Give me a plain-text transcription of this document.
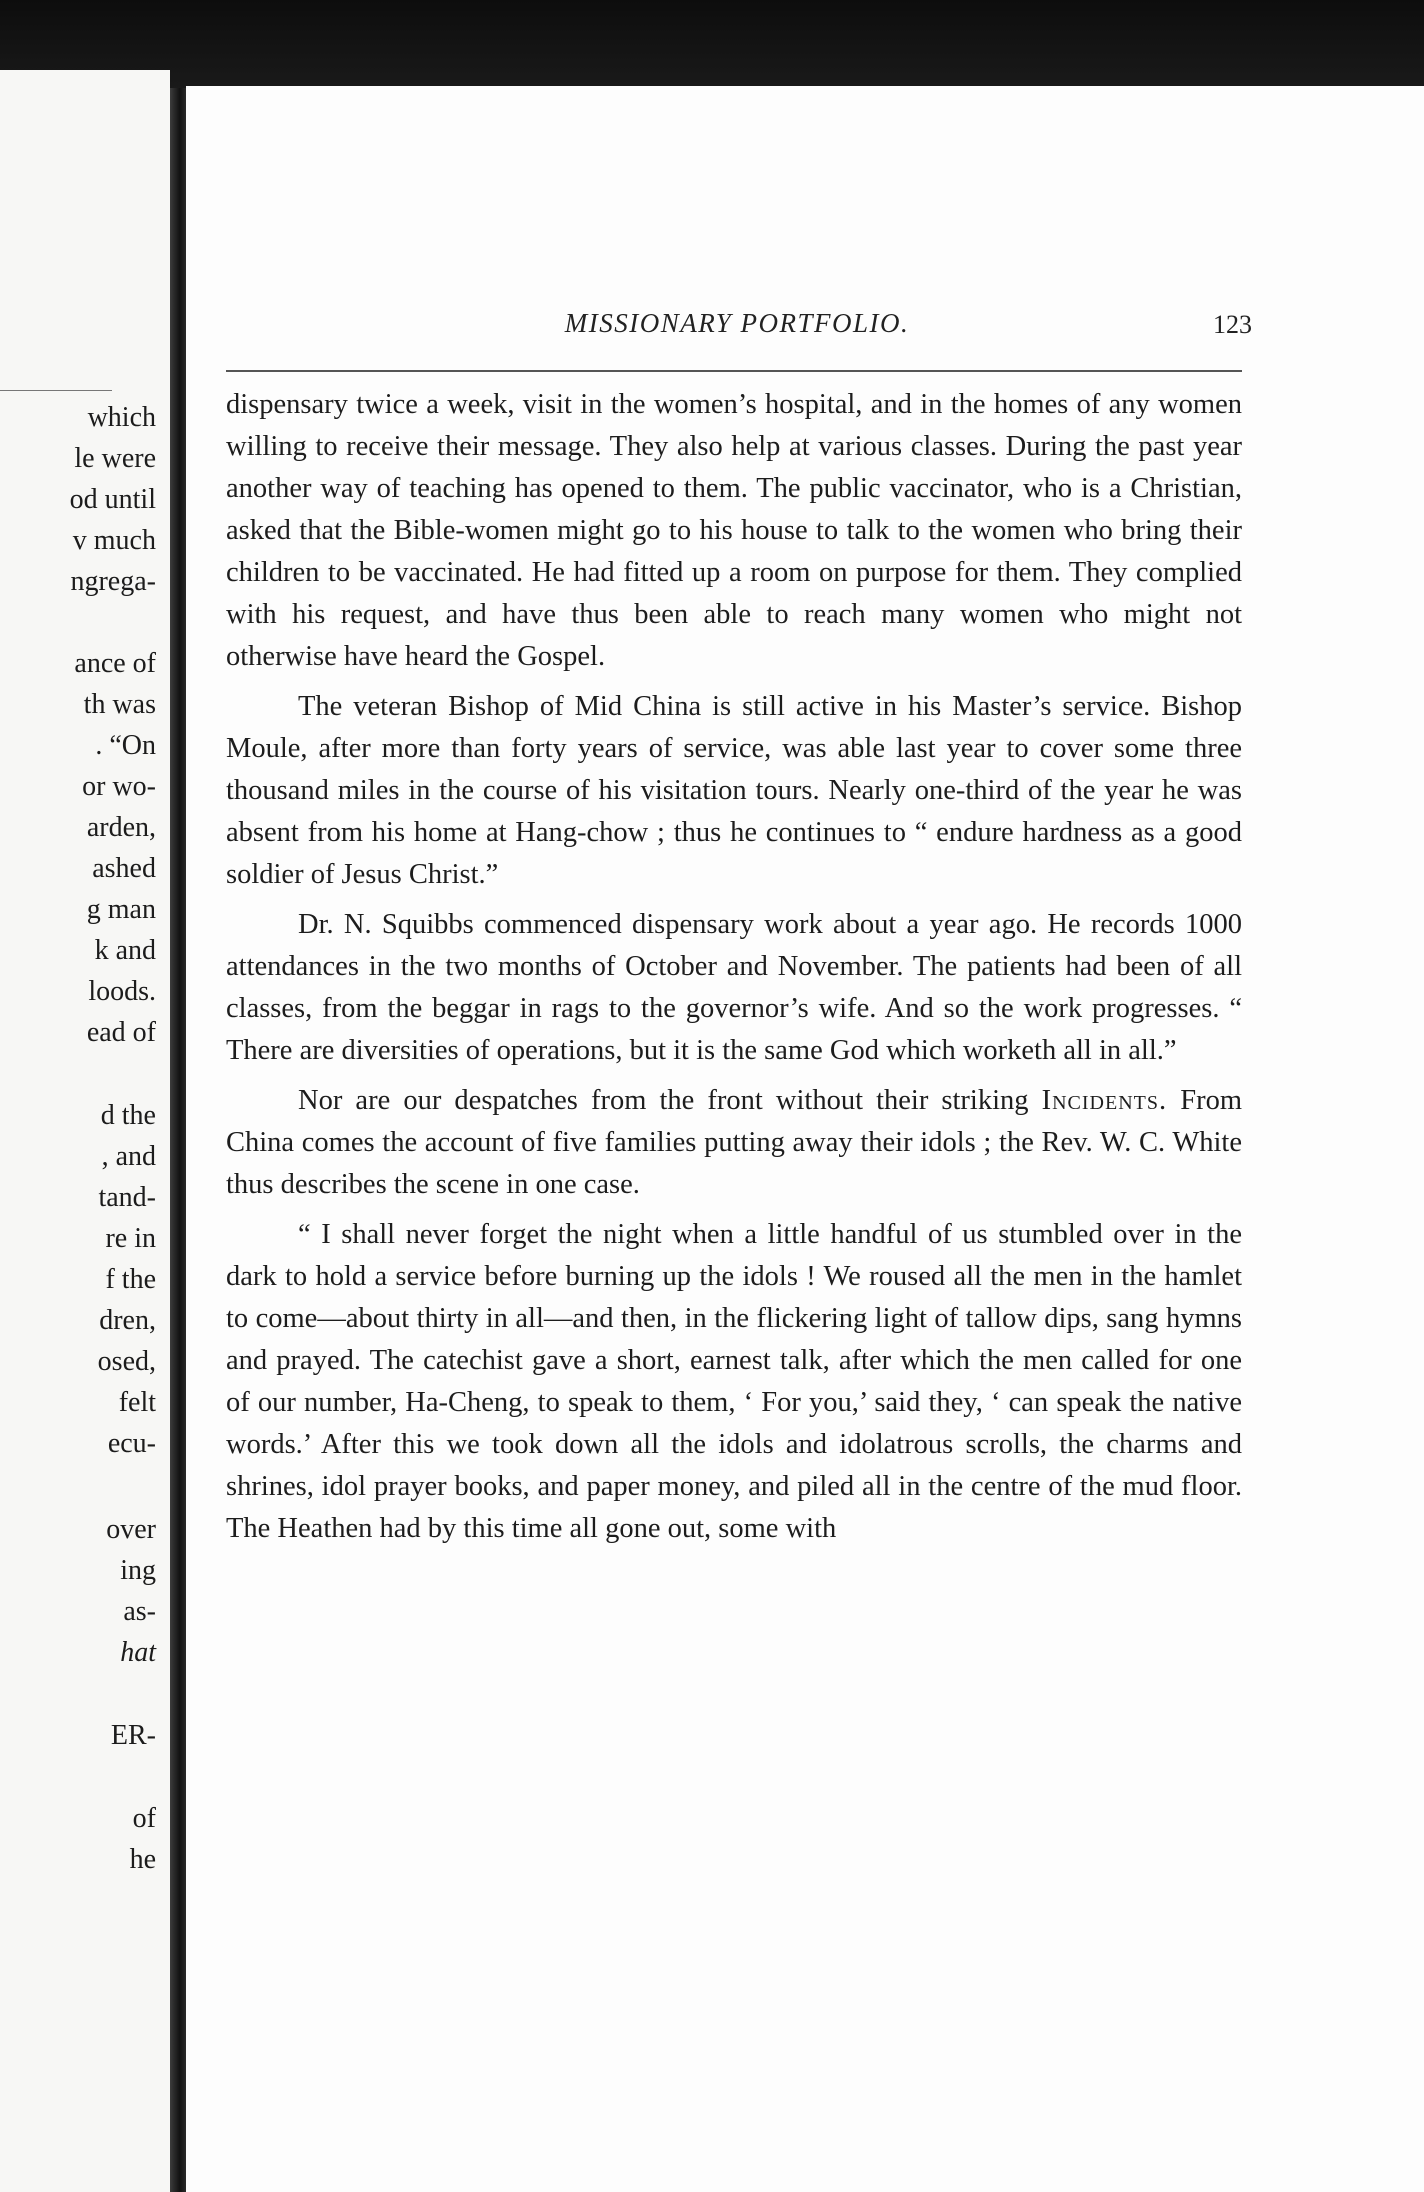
which
le were
od until
v much
ngrega-
ance of
th was
. “On
or wo-
arden,
ashed
g man
k and
loods.
ead of
d the
, and
tand-
re in
f the
dren,
osed,
felt
ecu-
over
ing
as-
hat
ER-
of
he
MISSIONARY PORTFOLIO.	123

dispensary twice a week, visit in the women’s hospital, and in the homes of any women willing to receive their message. They also help at various classes. During the past year another way of teaching has opened to them. The public vaccinator, who is a Christian, asked that the Bible-women might go to his house to talk to the women who bring their children to be vaccinated. He had fitted up a room on purpose for them. They complied with his request, and have thus been able to reach many women who might not otherwise have heard the Gospel.

The veteran Bishop of Mid China is still active in his Master’s service. Bishop Moule, after more than forty years of service, was able last year to cover some three thousand miles in the course of his visitation tours. Nearly one-third of the year he was absent from his home at Hang-chow ; thus he continues to “ endure hardness as a good soldier of Jesus Christ.”

Dr. N. Squibbs commenced dispensary work about a year ago. He records 1000 attendances in the two months of October and November. The patients had been of all classes, from the beggar in rags to the governor’s wife. And so the work progresses. “ There are diversities of operations, but it is the same God which worketh all in all.”

Nor are our despatches from the front without their striking Incidents. From China comes the account of five families putting away their idols ; the Rev. W. C. White thus describes the scene in one case.

“ I shall never forget the night when a little handful of us stumbled over in the dark to hold a service before burning up the idols ! We roused all the men in the hamlet to come—about thirty in all—and then, in the flickering light of tallow dips, sang hymns and prayed. The catechist gave a short, earnest talk, after which the men called for one of our number, Ha-Cheng, to speak to them, ‘ For you,’ said they, ‘ can speak the native words.’ After this we took down all the idols and idolatrous scrolls, the charms and shrines, idol prayer books, and paper money, and piled all in the centre of the mud floor. The Heathen had by this time all gone out, some with
